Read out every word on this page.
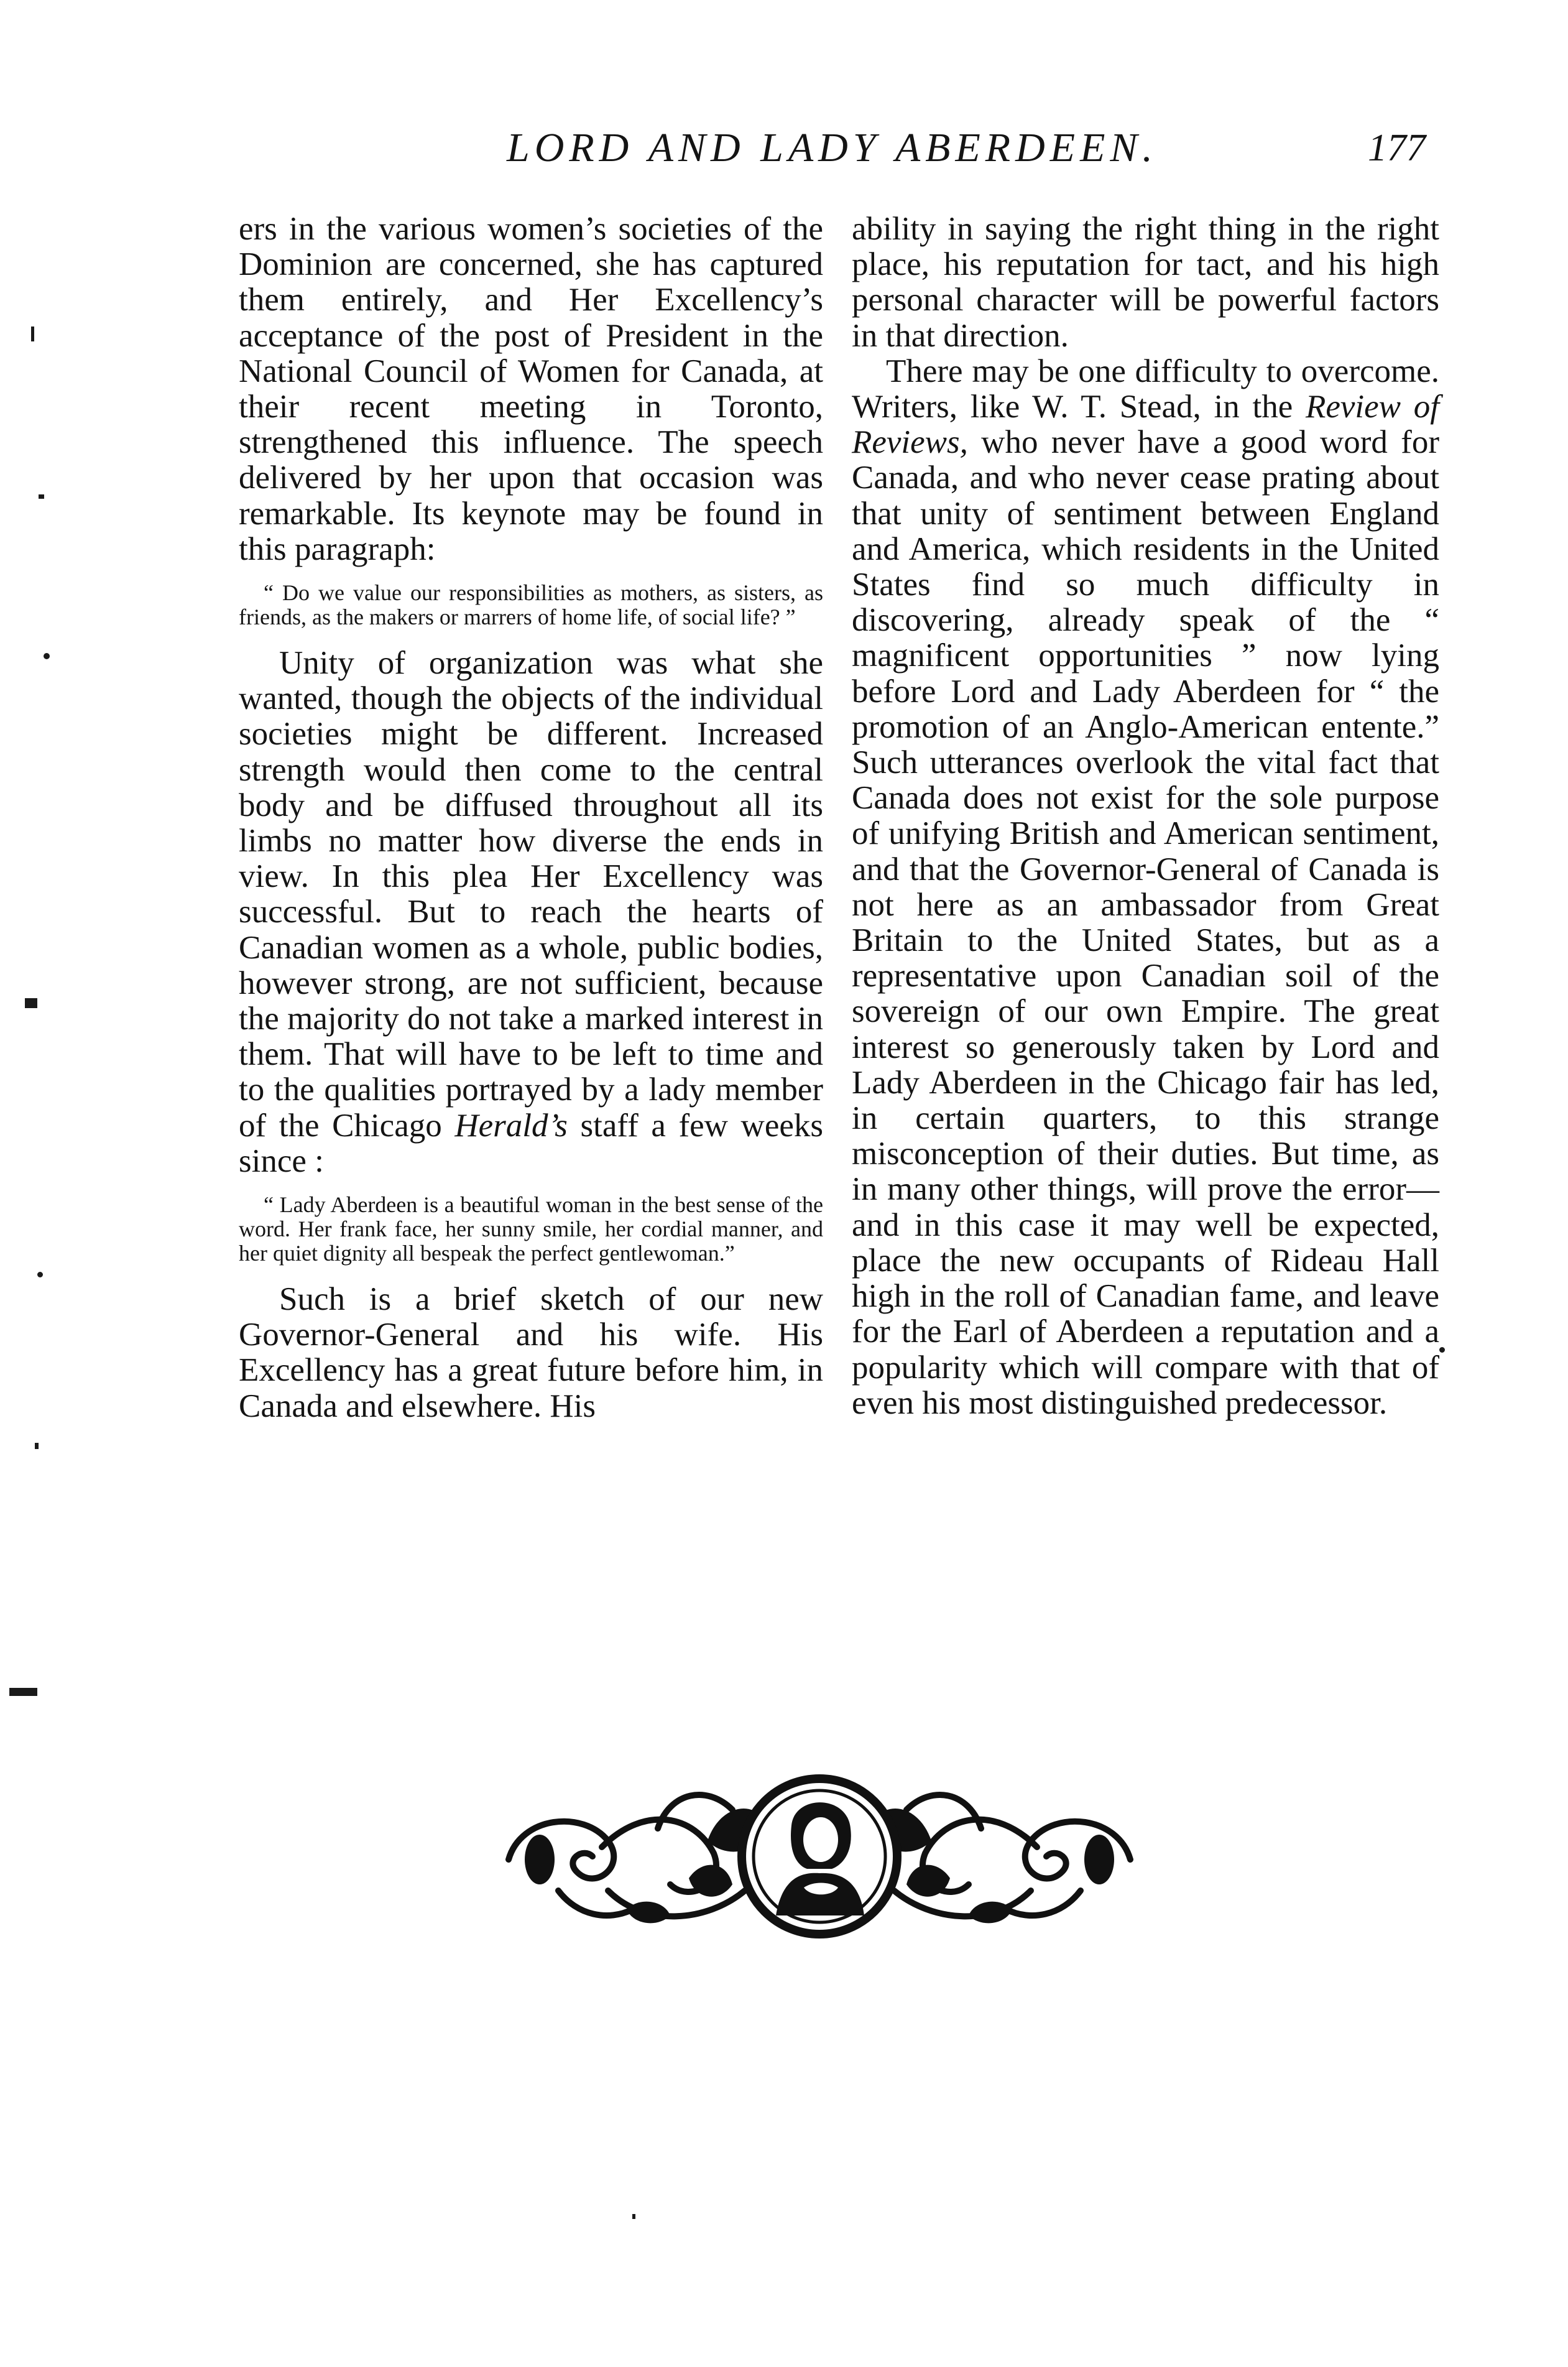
LORD AND LADY ABERDEEN.	177

ers in the various women’s societies of the Dominion are concerned, she has captured them entirely, and Her Excellency’s acceptance of the post of President in the National Council of Women for Canada, at their recent meeting in Toronto, strengthened this influence. The speech delivered by her upon that occasion was remarkable. Its keynote may be found in this paragraph:

“ Do we value our responsibilities as mothers, as sisters, as friends, as the makers or marrers of home life, of social life? ”

Unity of organization was what she wanted, though the objects of the individual societies might be different. Increased strength would then come to the central body and be diffused throughout all its limbs no matter how diverse the ends in view. In this plea Her Excellency was successful. But to reach the hearts of Canadian women as a whole, public bodies, however strong, are not sufficient, because the majority do not take a marked interest in them. That will have to be left to time and to the qualities portrayed by a lady member of the Chicago Herald’s staff a few weeks since :

“ Lady Aberdeen is a beautiful woman in the best sense of the word. Her frank face, her sunny smile, her cordial manner, and her quiet dignity all bespeak the perfect gentlewoman.”

Such is a brief sketch of our new Governor-General and his wife. His Excellency has a great future before him, in Canada and elsewhere. His

ability in saying the right thing in the right place, his reputation for tact, and his high personal character will be powerful factors in that direction.

There may be one difficulty to overcome. Writers, like W. T. Stead, in the Review of Reviews, who never have a good word for Canada, and who never cease prating about that unity of sentiment between England and America, which residents in the United States find so much difficulty in discovering, already speak of the “ magnificent opportunities ” now lying before Lord and Lady Aberdeen for “ the promotion of an Anglo-American entente.” Such utterances overlook the vital fact that Canada does not exist for the sole purpose of unifying British and American sentiment, and that the Governor-General of Canada is not here as an ambassador from Great Britain to the United States, but as a representative upon Canadian soil of the sovereign of our own Empire. The great interest so generously taken by Lord and Lady Aberdeen in the Chicago fair has led, in certain quarters, to this strange misconception of their duties. But time, as in many other things, will prove the error—and in this case it may well be expected, place the new occupants of Rideau Hall high in the roll of Canadian fame, and leave for the Earl of Aberdeen a reputation and a popularity which will compare with that of even his most distinguished predecessor.
